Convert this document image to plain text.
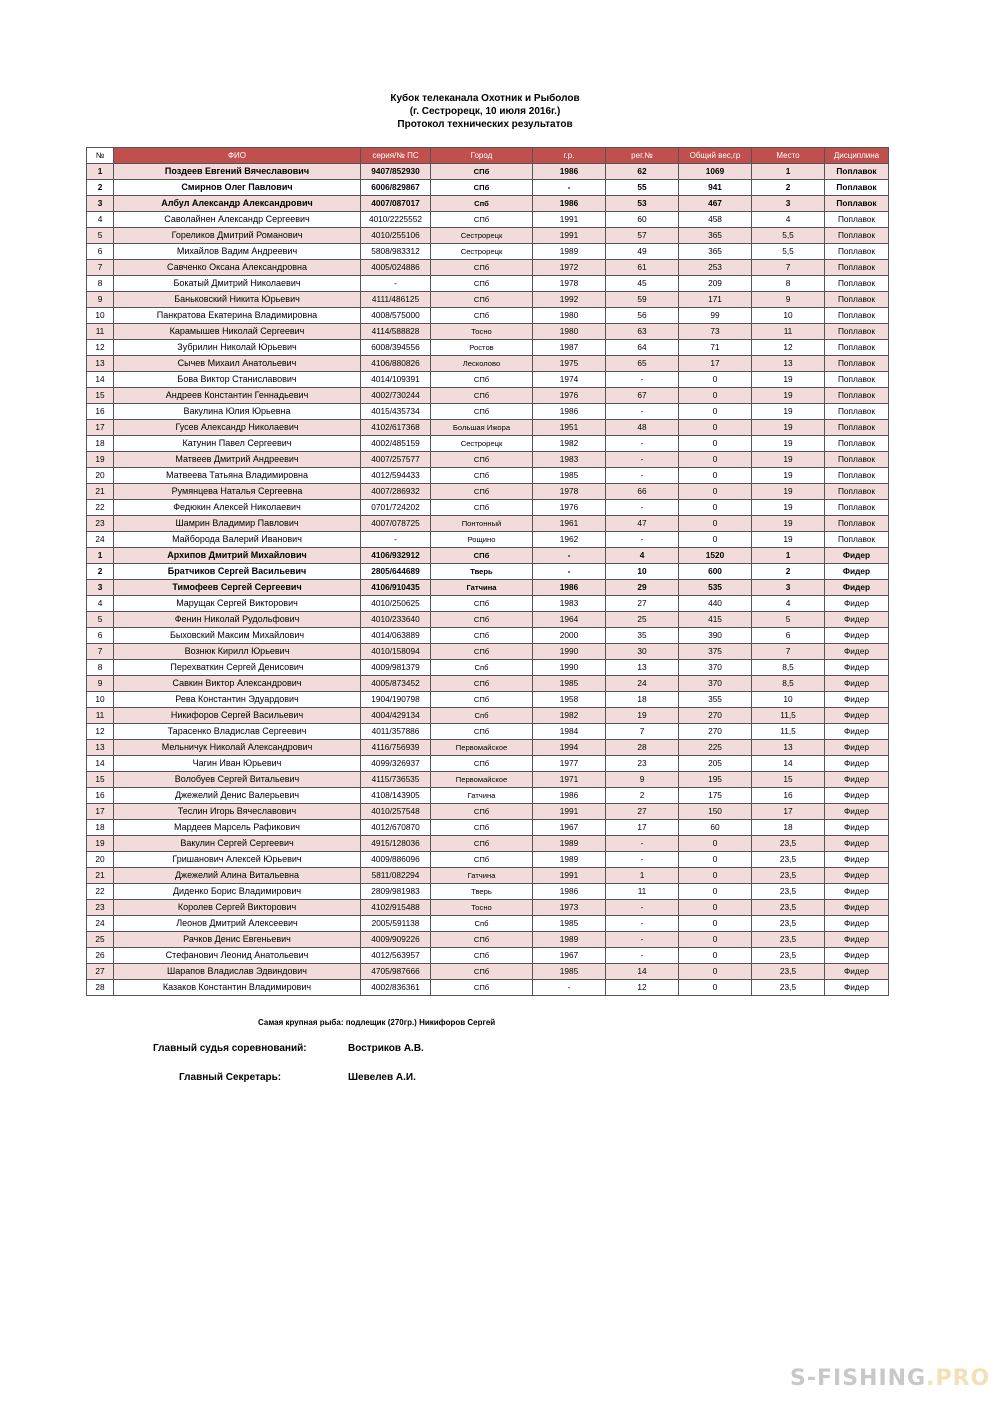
Кубок телеканала Охотник и Рыболов
(г. Сестрорецк, 10 июля 2016г.)
Протокол технических результатов
№	ФИО	серия/№ ПС	Город	г.р.	рег.№	Общий вес,гр	Место	Дисциплина
1	Поздеев Евгений Вячеславович	9407/852930	СПб	1986	62	1069	1	Поплавок
2	Смирнов Олег Павлович	6006/829867	СПб	-	55	941	2	Поплавок
3	Албул Александр Александрович	4007/087017	Спб	1986	53	467	3	Поплавок
4	Саволайнен Александр Сергеевич	4010/2225552	СПб	1991	60	458	4	Поплавок
5	Гореликов Дмитрий Романович	4010/255106	Сестрорецк	1991	57	365	5,5	Поплавок
6	Михайлов Вадим Андреевич	5808/983312	Сестрорецк	1989	49	365	5,5	Поплавок
7	Савченко Оксана Александровна	4005/024886	СПб	1972	61	253	7	Поплавок
8	Бокатый Дмитрий Николаевич	-	СПб	1978	45	209	8	Поплавок
9	Баньковский Никита Юрьевич	4111/486125	СПб	1992	59	171	9	Поплавок
10	Панкратова Екатерина Владимировна	4008/575000	СПб	1980	56	99	10	Поплавок
11	Карамышев Николай Сергеевич	4114/588828	Тосно	1980	63	73	11	Поплавок
12	Зубрилин Николай Юрьевич	6008/394556	Ростов	1987	64	71	12	Поплавок
13	Сычев Михаил Анатольевич	4106/880826	Лесколово	1975	65	17	13	Поплавок
14	Бова Виктор Станиславович	4014/109391	СПб	1974	-	0	19	Поплавок
15	Андреев Константин Геннадьевич	4002/730244	СПб	1976	67	0	19	Поплавок
16	Вакулина Юлия Юрьевна	4015/435734	СПб	1986	-	0	19	Поплавок
17	Гусев Александр Николаевич	4102/617368	Большая Ижора	1951	48	0	19	Поплавок
18	Катунин Павел Сергеевич	4002/485159	Сестрорецк	1982	-	0	19	Поплавок
19	Матвеев Дмитрий Андреевич	4007/257577	СПб	1983	-	0	19	Поплавок
20	Матвеева Татьяна Владимировна	4012/594433	СПб	1985	-	0	19	Поплавок
21	Румянцева Наталья Сергеевна	4007/286932	СПб	1978	66	0	19	Поплавок
22	Федюкин Алексей Николаевич	0701/724202	СПб	1976	-	0	19	Поплавок
23	Шамрин Владимир Павлович	4007/078725	Понтонный	1961	47	0	19	Поплавок
24	Майборода Валерий Иванович	-	Рощино	1962	-	0	19	Поплавок
1	Архипов Дмитрий Михайлович	4106/932912	СПб	-	4	1520	1	Фидер
2	Братчиков Сергей Васильевич	2805/644689	Тверь	-	10	600	2	Фидер
3	Тимофеев Сергей Сергеевич	4106/910435	Гатчина	1986	29	535	3	Фидер
4	Марущак Сергей Викторович	4010/250625	СПб	1983	27	440	4	Фидер
5	Фенин Николай Рудольфович	4010/233640	СПб	1964	25	415	5	Фидер
6	Быховский Максим Михайлович	4014/063889	СПб	2000	35	390	6	Фидер
7	Вознюк Кирилл Юрьевич	4010/158094	СПб	1990	30	375	7	Фидер
8	Перехваткин Сергей Денисович	4009/981379	Спб	1990	13	370	8,5	Фидер
9	Савкин Виктор Александрович	4005/873452	СПб	1985	24	370	8,5	Фидер
10	Рева Константин Эдуардович	1904/190798	СПб	1958	18	355	10	Фидер
11	Никифоров Сергей Васильевич	4004/429134	Спб	1982	19	270	11,5	Фидер
12	Тарасенко Владислав Сергеевич	4011/357886	СПб	1984	7	270	11,5	Фидер
13	Мельничук Николай Александрович	4116/756939	Первомайское	1994	28	225	13	Фидер
14	Чагин Иван Юрьевич	4099/326937	СПб	1977	23	205	14	Фидер
15	Волобуев Сергей Витальевич	4115/736535	Первомайское	1971	9	195	15	Фидер
16	Джежелий Денис Валерьевич	4108/143905	Гатчина	1986	2	175	16	Фидер
17	Теслин Игорь Вячеславович	4010/257548	СПб	1991	27	150	17	Фидер
18	Мардеев Марсель Рафикович	4012/670870	СПб	1967	17	60	18	Фидер
19	Вакулин Сергей Сергеевич	4915/128036	СПб	1989	-	0	23,5	Фидер
20	Гришанович Алексей Юрьевич	4009/886096	СПб	1989	-	0	23,5	Фидер
21	Джежелий Алина Витальевна	5811/082294	Гатчина	1991	1	0	23,5	Фидер
22	Диденко Борис Владимирович	2809/981983	Тверь	1986	11	0	23,5	Фидер
23	Королев Сергей Викторович	4102/915488	Тосно	1973	-	0	23,5	Фидер
24	Леонов Дмитрий Алексеевич	2005/591138	Спб	1985	-	0	23,5	Фидер
25	Рачков Денис Евгеньевич	4009/909226	СПб	1989	-	0	23,5	Фидер
26	Стефанович Леонид Анатольевич	4012/563957	СПб	1967	-	0	23,5	Фидер
27	Шарапов Владислав Эдвиндович	4705/987666	СПб	1985	14	0	23,5	Фидер
28	Казаков Константин Владимирович	4002/836361	СПб	-	12	0	23,5	Фидер
Самая крупная рыба: подлещик (270гр.) Никифоров Сергей
Главный судья соревнований:	Востриков А.В.
Главный Секретарь:	Шевелев А.И.
S-FISHING.PRO
